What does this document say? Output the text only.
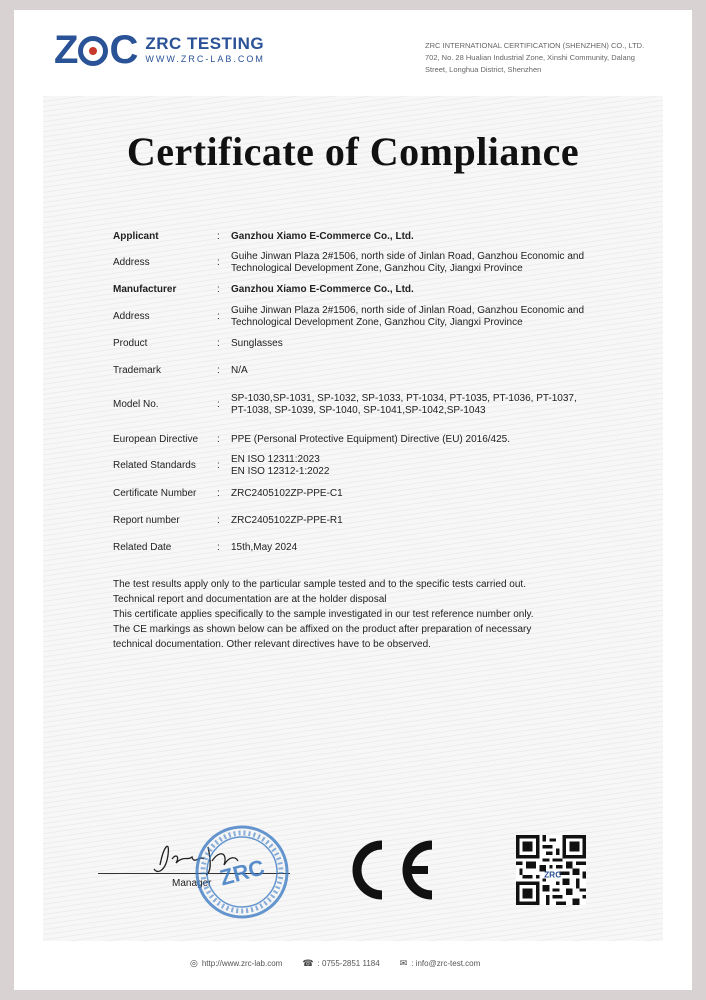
Z C ZRC TESTING
WWW.ZRC-LAB.COM
ZRC INTERNATIONAL CERTIFICATION (SHENZHEN) CO., LTD.
702, No. 28 Hualian Industrial Zone, Xinshi Community, Dalang
Street, Longhua District, Shenzhen
Certificate of Compliance
Applicant	: Ganzhou Xiamo E-Commerce Co., Ltd.
Address	:
Guihe Jinwan Plaza 2#1506, north side of Jinlan Road, Ganzhou Economic and
Technological Development Zone, Ganzhou City, Jiangxi Province
Manufacturer	: Ganzhou Xiamo E-Commerce Co., Ltd.
Address	:
Guihe Jinwan Plaza 2#1506, north side of Jinlan Road, Ganzhou Economic and
Technological Development Zone, Ganzhou City, Jiangxi Province
Product	: Sunglasses
Trademark	: N/A
Model No.	:
SP-1030,SP-1031, SP-1032, SP-1033, PT-1034, PT-1035, PT-1036, PT-1037,
PT-1038, SP-1039, SP-1040, SP-1041,SP-1042,SP-1043
European Directive	: PPE (Personal Protective Equipment) Directive (EU) 2016/425.
Related Standards	:
EN ISO 12311:2023
EN ISO 12312-1:2022
Certificate Number	: ZRC2405102ZP-PPE-C1
Report number	: ZRC2405102ZP-PPE-R1
Related Date	: 15th,May 2024
The test results apply only to the particular sample tested and to the specific tests carried out.
Technical report and documentation are at the holder disposal
This certificate applies specifically to the sample investigated in our test reference number only.
The CE markings as shown below can be affixed on the product after preparation of necessary
technical documentation. Other relevant directives have to be observed.
Manager ZRC	ZRC
◎ http://www.zrc-lab.com ☎ : 0755-2851 1184 ✉ : info@zrc-test.com
